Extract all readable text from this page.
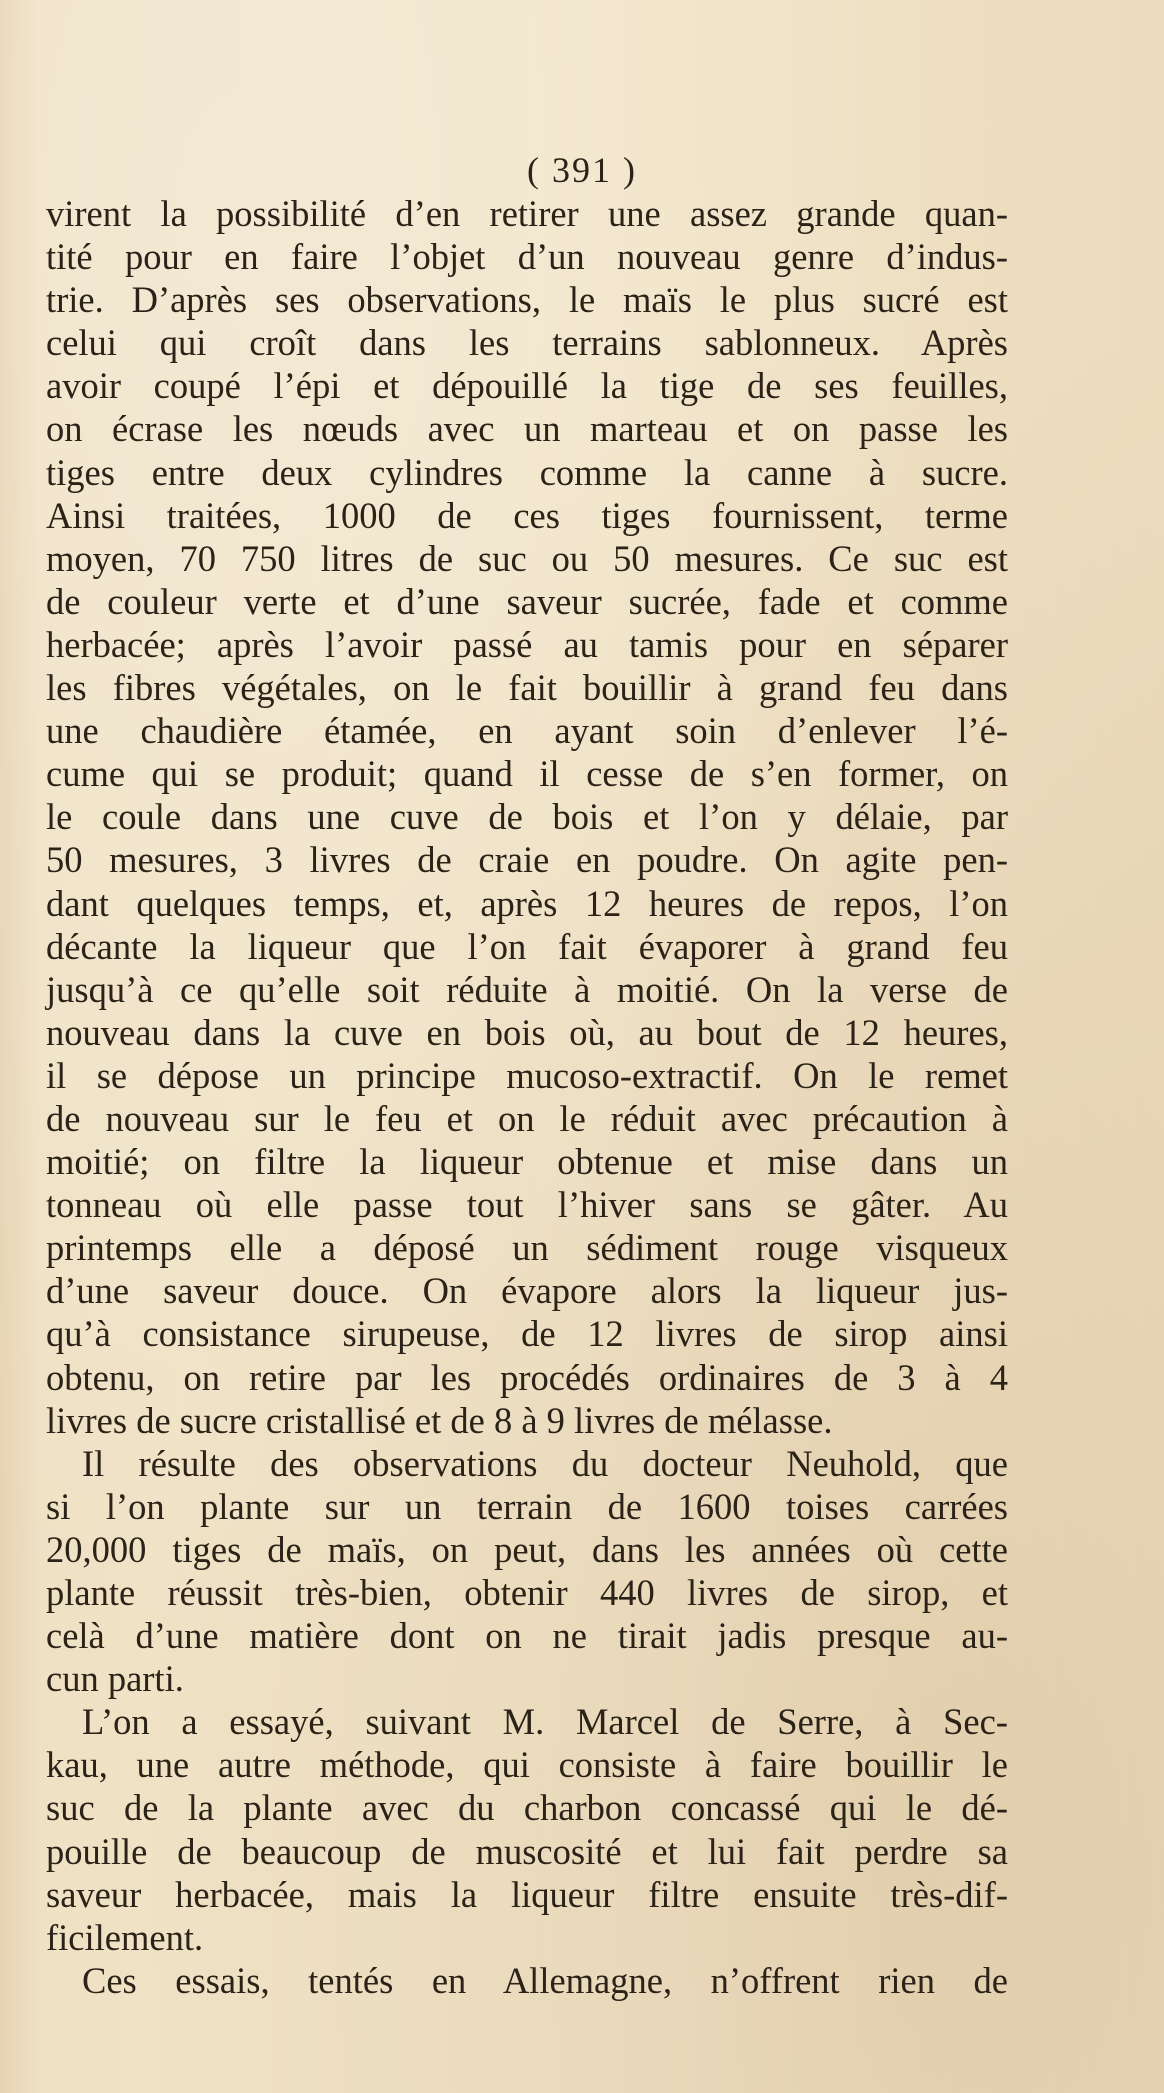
( 391 )
virent la possibilité d’en retirer une assez grande quan-
tité pour en faire l’objet d’un nouveau genre d’indus-
trie. D’après ses observations, le maïs le plus sucré est
celui qui croît dans les terrains sablonneux. Après
avoir coupé l’épi et dépouillé la tige de ses feuilles,
on écrase les nœuds avec un marteau et on passe les
tiges entre deux cylindres comme la canne à sucre.
Ainsi traitées, 1000 de ces tiges fournissent, terme
moyen, 70 750 litres de suc ou 50 mesures. Ce suc est
de couleur verte et d’une saveur sucrée, fade et comme
herbacée; après l’avoir passé au tamis pour en séparer
les fibres végétales, on le fait bouillir à grand feu dans
une chaudière étamée, en ayant soin d’enlever l’é-
cume qui se produit; quand il cesse de s’en former, on
le coule dans une cuve de bois et l’on y délaie, par
50 mesures, 3 livres de craie en poudre. On agite pen-
dant quelques temps, et, après 12 heures de repos, l’on
décante la liqueur que l’on fait évaporer à grand feu
jusqu’à ce qu’elle soit réduite à moitié. On la verse de
nouveau dans la cuve en bois où, au bout de 12 heures,
il se dépose un principe mucoso-extractif. On le remet
de nouveau sur le feu et on le réduit avec précaution à
moitié; on filtre la liqueur obtenue et mise dans un
tonneau où elle passe tout l’hiver sans se gâter. Au
printemps elle a déposé un sédiment rouge visqueux
d’une saveur douce. On évapore alors la liqueur jus-
qu’à consistance sirupeuse, de 12 livres de sirop ainsi
obtenu, on retire par les procédés ordinaires de 3 à 4
livres de sucre cristallisé et de 8 à 9 livres de mélasse.
Il résulte des observations du docteur Neuhold, que
si l’on plante sur un terrain de 1600 toises carrées
20,000 tiges de maïs, on peut, dans les années où cette
plante réussit très-bien, obtenir 440 livres de sirop, et
celà d’une matière dont on ne tirait jadis presque au-
cun parti.
L’on a essayé, suivant M. Marcel de Serre, à Sec-
kau, une autre méthode, qui consiste à faire bouillir le
suc de la plante avec du charbon concassé qui le dé-
pouille de beaucoup de muscosité et lui fait perdre sa
saveur herbacée, mais la liqueur filtre ensuite très-dif-
ficilement.
Ces essais, tentés en Allemagne, n’offrent rien de
